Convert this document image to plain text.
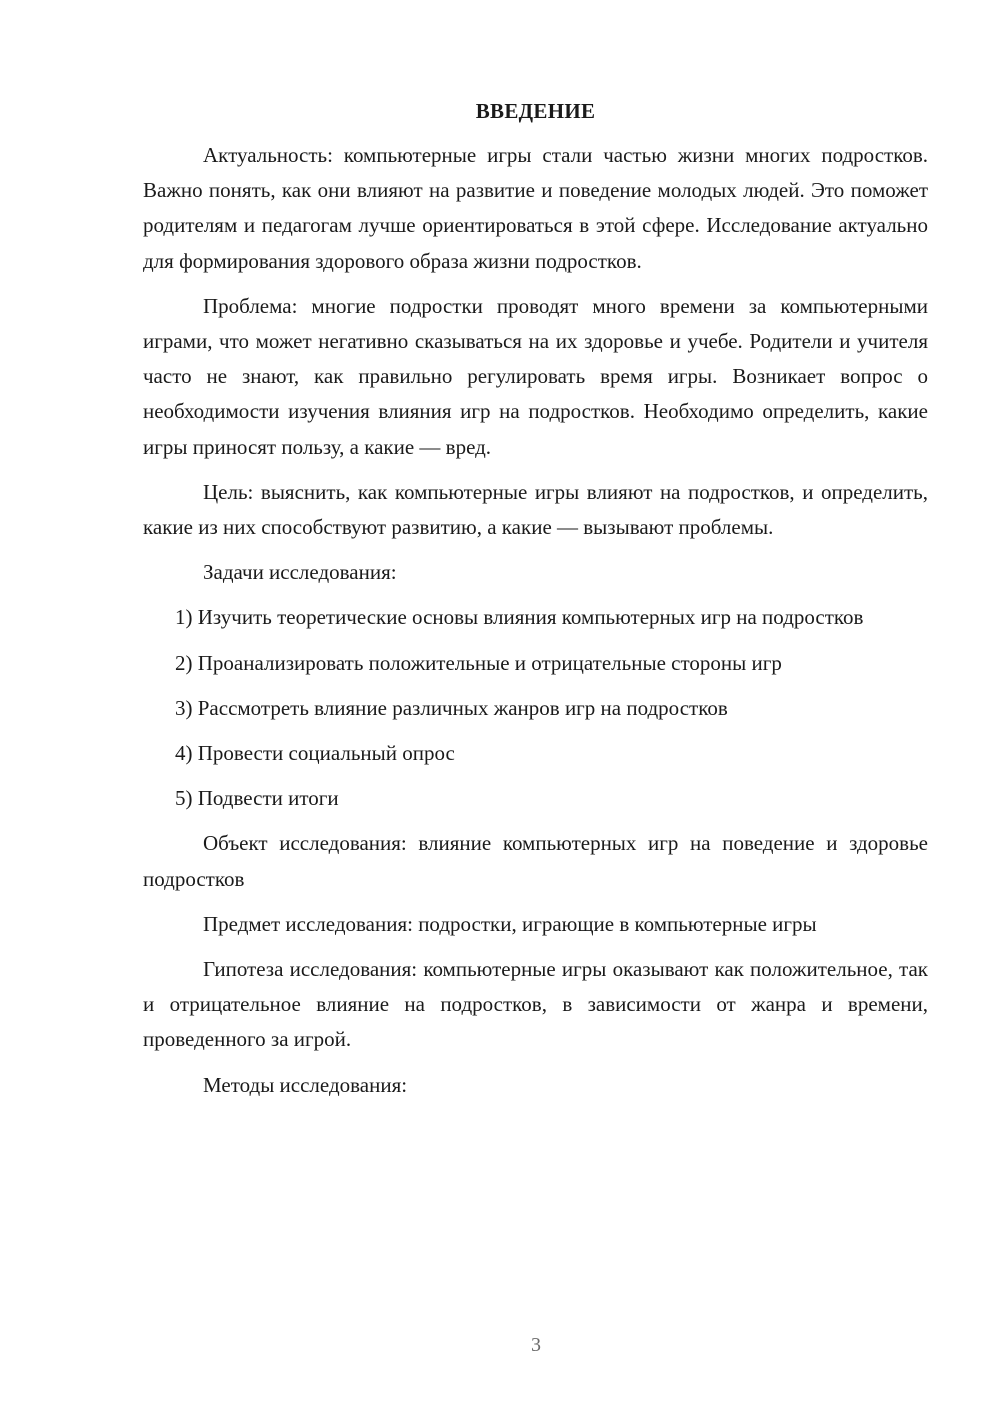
ВВЕДЕНИЕ

Актуальность: компьютерные игры стали частью жизни многих подростков. Важно понять, как они влияют на развитие и поведение молодых людей. Это поможет родителям и педагогам лучше ориентироваться в этой сфере. Исследование актуально для формирования здорового образа жизни подростков.

Проблема: многие подростки проводят много времени за компьютерными играми, что может негативно сказываться на их здоровье и учебе. Родители и учителя часто не знают, как правильно регулировать время игры. Возникает вопрос о необходимости изучения влияния игр на подростков. Необходимо определить, какие игры приносят пользу, а какие — вред.

Цель: выяснить, как компьютерные игры влияют на подростков, и определить, какие из них способствуют развитию, а какие — вызывают проблемы.

Задачи исследования:

1) Изучить теоретические основы влияния компьютерных игр на подростков

2) Проанализировать положительные и отрицательные стороны игр

3) Рассмотреть влияние различных жанров игр на подростков

4) Провести социальный опрос

5) Подвести итоги

Объект исследования: влияние компьютерных игр на поведение и здоровье подростков

Предмет исследования: подростки, играющие в компьютерные игры

Гипотеза исследования: компьютерные игры оказывают как положительное, так и отрицательное влияние на подростков, в зависимости от жанра и времени, проведенного за игрой.

Методы исследования:

3
